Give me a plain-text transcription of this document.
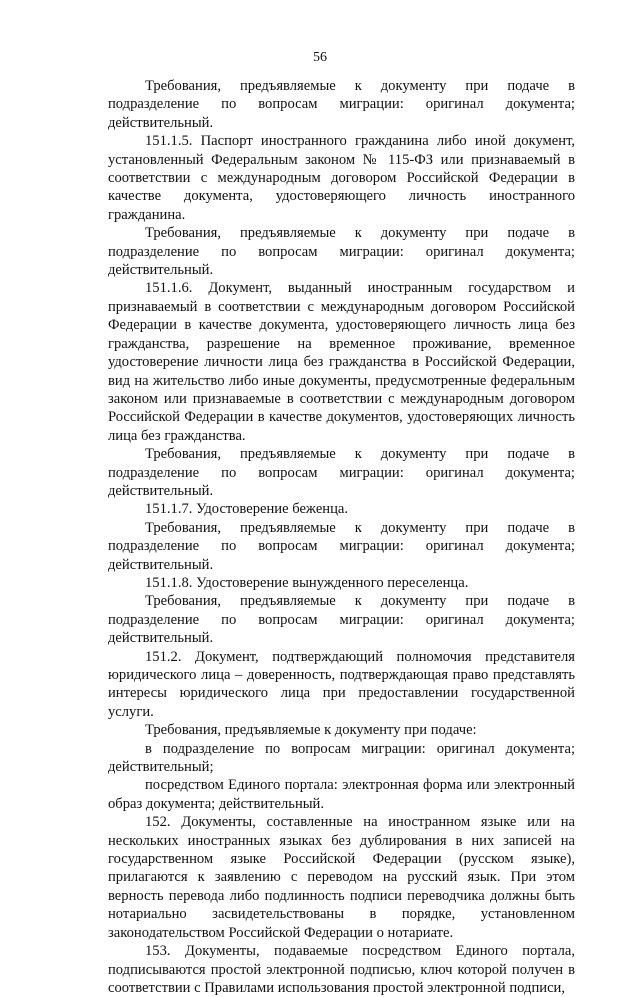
56

Требования, предъявляемые к документу при подаче в подразделение по вопросам миграции: оригинал документа; действительный.

151.1.5. Паспорт иностранного гражданина либо иной документ, установленный Федеральным законом № 115-ФЗ или признаваемый в соответствии с международным договором Российской Федерации в качестве документа, удостоверяющего личность иностранного гражданина.

Требования, предъявляемые к документу при подаче в подразделение по вопросам миграции: оригинал документа; действительный.

151.1.6. Документ, выданный иностранным государством и признаваемый в соответствии с международным договором Российской Федерации в качестве документа, удостоверяющего личность лица без гражданства, разрешение на временное проживание, временное удостоверение личности лица без гражданства в Российской Федерации, вид на жительство либо иные документы, предусмотренные федеральным законом или признаваемые в соответствии с международным договором Российской Федерации в качестве документов, удостоверяющих личность лица без гражданства.

Требования, предъявляемые к документу при подаче в подразделение по вопросам миграции: оригинал документа; действительный.

151.1.7. Удостоверение беженца.

Требования, предъявляемые к документу при подаче в подразделение по вопросам миграции: оригинал документа; действительный.

151.1.8. Удостоверение вынужденного переселенца.

Требования, предъявляемые к документу при подаче в подразделение по вопросам миграции: оригинал документа; действительный.

151.2. Документ, подтверждающий полномочия представителя юридического лица – доверенность, подтверждающая право представлять интересы юридического лица при предоставлении государственной услуги.

Требования, предъявляемые к документу при подаче:

в подразделение по вопросам миграции: оригинал документа; действительный;

посредством Единого портала: электронная форма или электронный образ документа; действительный.

152. Документы, составленные на иностранном языке или на нескольких иностранных языках без дублирования в них записей на государственном языке Российской Федерации (русском языке), прилагаются к заявлению с переводом на русский язык. При этом верность перевода либо подлинность подписи переводчика должны быть нотариально засвидетельствованы в порядке, установленном законодательством Российской Федерации о нотариате.

153. Документы, подаваемые посредством Единого портала, подписываются простой электронной подписью, ключ которой получен в соответствии с Правилами использования простой электронной подписи,
